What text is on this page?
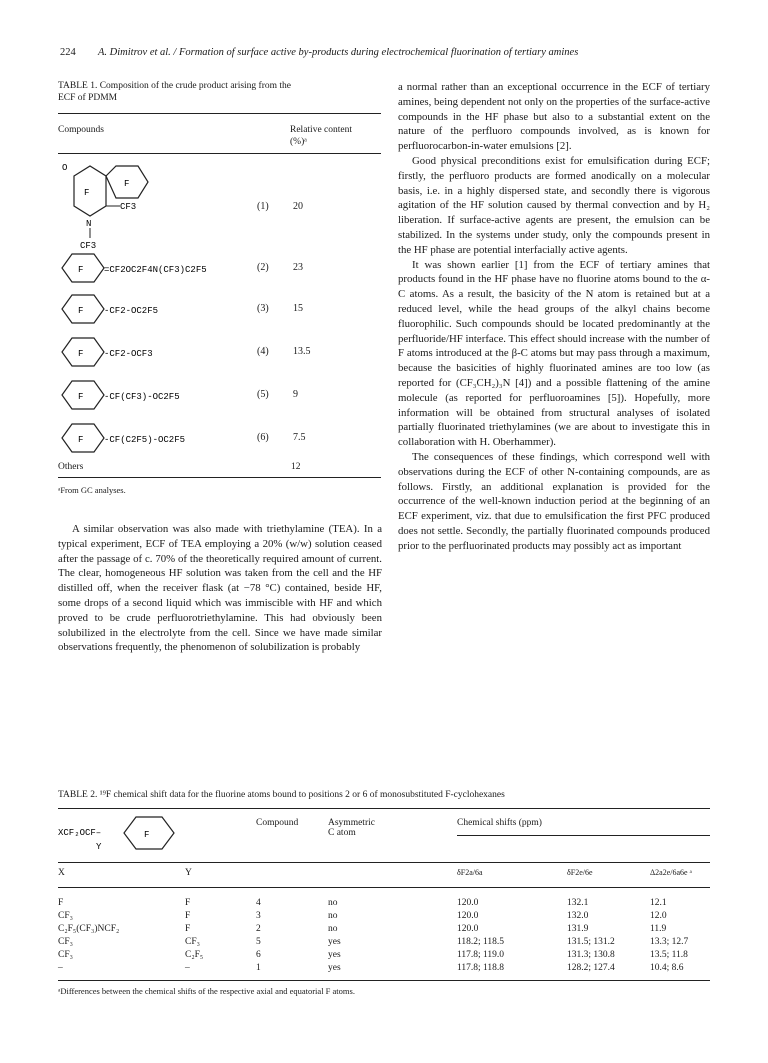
224 A. Dimitrov et al. / Formation of surface active by-products during electrochemical fluorination of tertiary amines
TABLE 1. Composition of the crude product arising from the
ECF of PDMM
Compounds	Relative content
(%)ᵃ
O
F
F
CF3
N
CF3
(1) 20
F =CF2OC2F4N(CF3)C2F5	(2) 23
F -CF2-OC2F5	(3) 15
F -CF2-OCF3	(4) 13.5
F -CF(CF3)-OC2F5	(5) 9
F -CF(C2F5)-OC2F5	(6) 7.5
Others	12
ᵃFrom GC analyses.

A similar observation was also made with triethylamine (TEA). In a typical experiment, ECF of TEA employing a 20% (w/w) solution ceased after the passage of c. 70% of the theoretically required amount of current. The clear, homogeneous HF solution was taken from the cell and the HF distilled off, when the receiver flask (at −78 °C) contained, beside HF, some drops of a second liquid which was immiscible with HF and which proved to be crude perfluorotriethylamine. This had obviously been solubilized in the electrolyte from the cell. Since we have made similar observations frequently, the phenomenon of solubilization is probably

a normal rather than an exceptional occurrence in the ECF of tertiary amines, being dependent not only on the properties of the surface-active compounds in the HF phase but also to a substantial extent on the nature of the perfluoro compounds involved, as is known for perfluorocarbon-in-water emulsions [2].

Good physical preconditions exist for emulsification during ECF; firstly, the perfluoro products are formed anodically on a molecular basis, i.e. in a highly dispersed state, and secondly there is vigorous agitation of the HF solution caused by thermal convection and by H₂ liberation. If surface-active agents are present, the emulsion can be stabilized. In the systems under study, only the compounds present in the HF phase are potential interfacially active agents.

It was shown earlier [1] from the ECF of tertiary amines that products found in the HF phase have no fluorine atoms bound to the α-C atoms. As a result, the basicity of the N atom is retained but at a reduced level, while the head groups of the alkyl chains become fluorophilic. Such compounds should be located predominantly at the perfluoride/HF interface. This effect should increase with the number of F atoms introduced at the β-C atoms but may pass through a maximum, because the basicities of highly fluorinated amines are too low (as reported for (CF₃CH₂)₃N [4]) and a possible flattening of the amine molecule (as reported for perfluoroamines [5]). Hopefully, more information will be obtained from structural analyses of isolated partially fluorinated triethylamines (we are about to investigate this in collaboration with H. Oberhammer).

The consequences of these findings, which correspond well with observations during the ECF of other N-containing compounds, are as follows. Firstly, an additional explanation is provided for the occurrence of the well-known induction period at the beginning of an ECF experiment, viz. that due to emulsification the first PFC produced does not settle. Secondly, the partially fluorinated compounds produced prior to the perfluorinated products may possibly act as important

TABLE 2. ¹⁹F chemical shift data for the fluorine atoms bound to positions 2 or 6 of monosubstituted F-cyclohexanes
XCF₂OCF–
Y
F
Compound	Asymmetric
C atom
Chemical shifts (ppm)
X	Y	δF2a/6a	δF2e/6e	Δ2a2e/6a6e ᵃ
F	F	4	no	120.0	132.1	12.1
CF₃	F	3	no	120.0	132.0	12.0
C₂F₅(CF₃)NCF₂	F	2	no	120.0	131.9	11.9
CF₃	CF₃	5	yes	118.2; 118.5	131.5; 131.2	13.3; 12.7
CF₃	C₂F₅	6	yes	117.8; 119.0	131.3; 130.8	13.5; 11.8
–	–	1	yes	117.8; 118.8	128.2; 127.4	10.4; 8.6
ᵃDifferences between the chemical shifts of the respective axial and equatorial F atoms.
